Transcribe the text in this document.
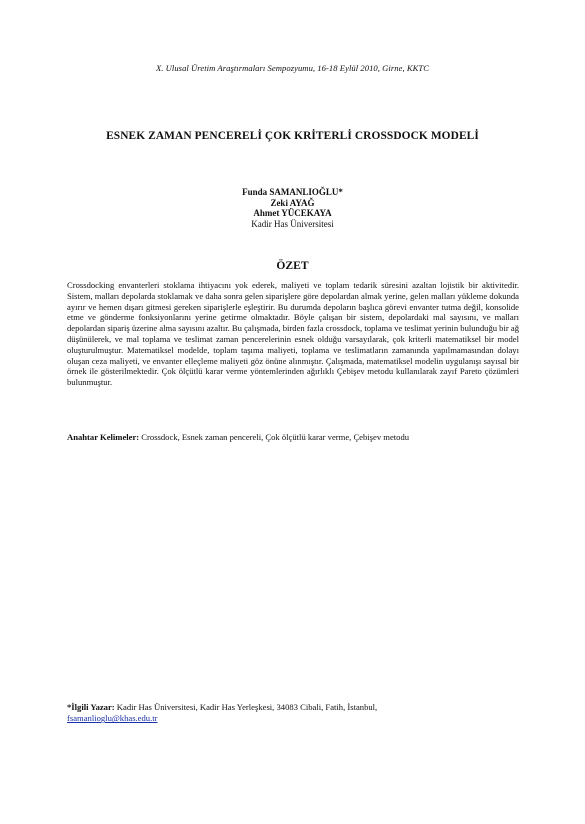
X. Ulusal Üretim Araştırmaları Sempozyumu, 16-18 Eylül 2010, Girne, KKTC
ESNEK ZAMAN PENCERELİ ÇOK KRİTERLİ CROSSDOCK MODELİ
Funda SAMANLIOĞLU*
Zeki AYAĞ
Ahmet YÜCEKAYA
Kadir Has Üniversitesi
ÖZET
Crossdocking envanterleri stoklama ihtiyacını yok ederek, maliyeti ve toplam tedarik süresini azaltan lojistik bir aktivitedir. Sistem, malları depolarda stoklamak ve daha sonra gelen siparişlere göre depolardan almak yerine, gelen malları yükleme dokunda ayırır ve hemen dışarı gitmesi gereken siparişlerle eşleştirir. Bu durumda depoların başlıca görevi envanter tutma değil, konsolide etme ve gönderme fonksiyonlarını yerine getirme olmaktadır. Böyle çalışan bir sistem, depolardaki mal sayısını, ve malları depolardan sipariş üzerine alma sayısını azaltır. Bu çalışmada, birden fazla crossdock, toplama ve teslimat yerinin bulunduğu bir ağ düşünülerek, ve mal toplama ve teslimat zaman pencerelerinin esnek olduğu varsayılarak, çok kriterli matematiksel bir model oluşturulmuştur. Matematiksel modelde, toplam taşıma maliyeti, toplama ve teslimatların zamanında yapılmamasından dolayı oluşan ceza maliyeti, ve envanter elleçleme maliyeti göz önüne alınmıştır. Çalışmada, matematiksel modelin uygulanışı sayısal bir örnek ile gösterilmektedir. Çok ölçütlü karar verme yöntemlerinden ağırlıklı Çebişev metodu kullanılarak zayıf Pareto çözümleri bulunmuştur.
Anahtar Kelimeler: Crossdock, Esnek zaman pencereli, Çok ölçütlü karar verme, Çebişev metodu
*İlgili Yazar: Kadir Has Üniversitesi, Kadir Has Yerleşkesi, 34083 Cibali, Fatih, İstanbul,
fsamanlioglu@khas.edu.tr
